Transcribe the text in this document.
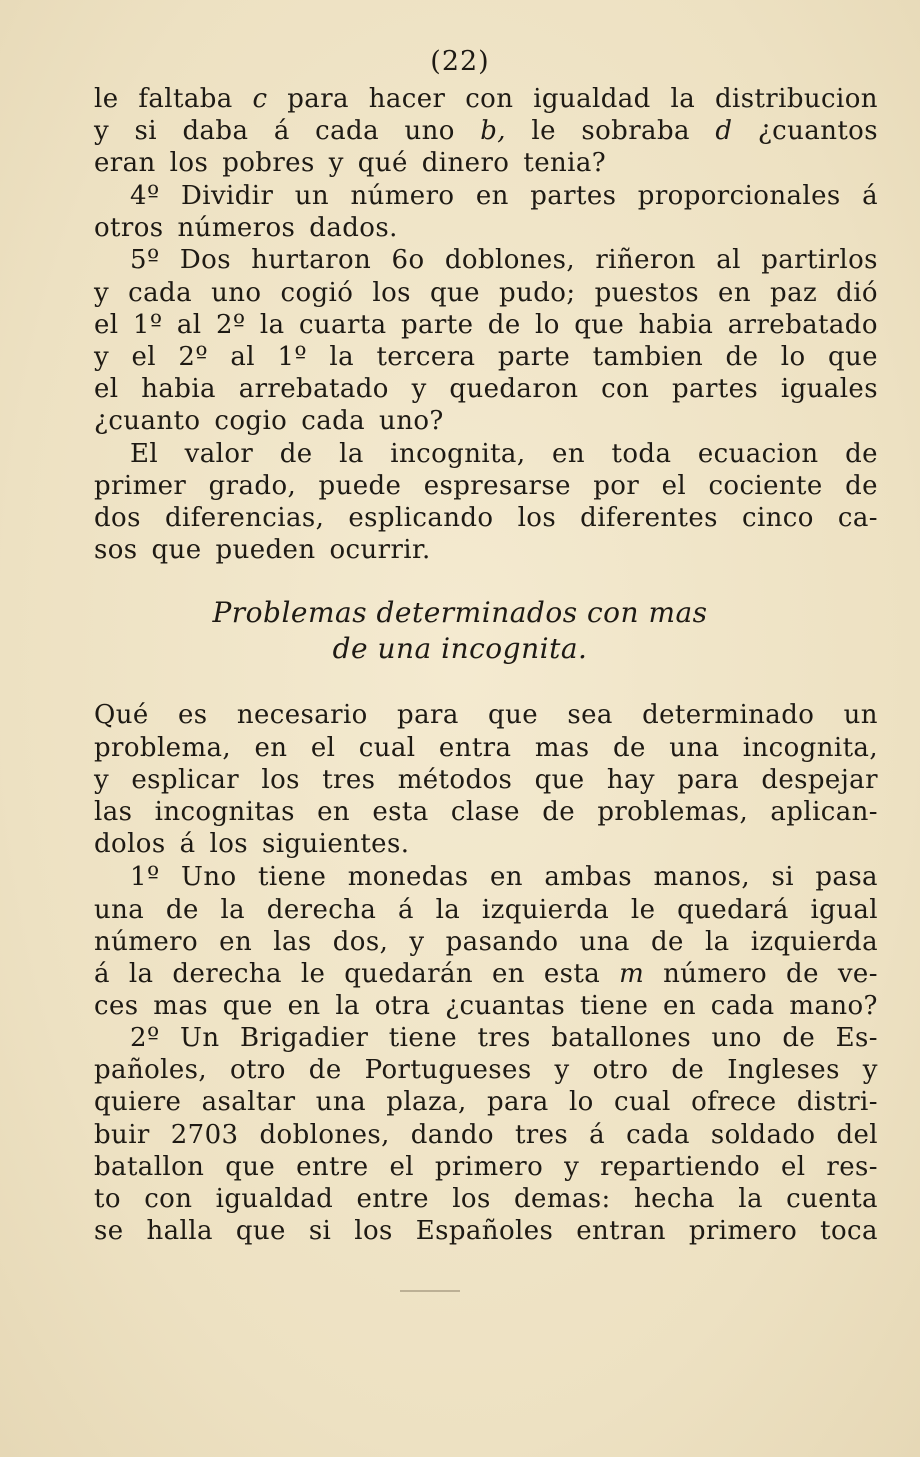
(22)
le faltaba c para hacer con igualdad la distribucion
y si daba á cada uno b, le sobraba d ¿cuantos
eran los pobres y qué dinero tenia?
4º Dividir un número en partes proporcionales á
otros números dados.
5º Dos hurtaron 6o doblones, riñeron al partirlos
y cada uno cogió los que pudo; puestos en paz dió
el 1º al 2º la cuarta parte de lo que habia arrebatado
y el 2º al 1º la tercera parte tambien de lo que
el habia arrebatado y quedaron con partes iguales
¿cuanto cogio cada uno?
El valor de la incognita, en toda ecuacion de
primer grado, puede espresarse por el cociente de
dos diferencias, esplicando los diferentes cinco ca-
sos que pueden ocurrir.
Qué es necesario para que sea determinado un
problema, en el cual entra mas de una incognita,
y esplicar los tres métodos que hay para despejar
las incognitas en esta clase de problemas, aplican-
dolos á los siguientes.
1º Uno tiene monedas en ambas manos, si pasa
una de la derecha á la izquierda le quedará igual
número en las dos, y pasando una de la izquierda
á la derecha le quedarán en esta m número de ve-
ces mas que en la otra ¿cuantas tiene en cada mano?
2º Un Brigadier tiene tres batallones uno de Es-
pañoles, otro de Portugueses y otro de Ingleses y
quiere asaltar una plaza, para lo cual ofrece distri-
buir 2703 doblones, dando tres á cada soldado del
batallon que entre el primero y repartiendo el res-
to con igualdad entre los demas: hecha la cuenta
se halla que si los Españoles entran primero toca
Problemas determinados con mas
de una incognita.
